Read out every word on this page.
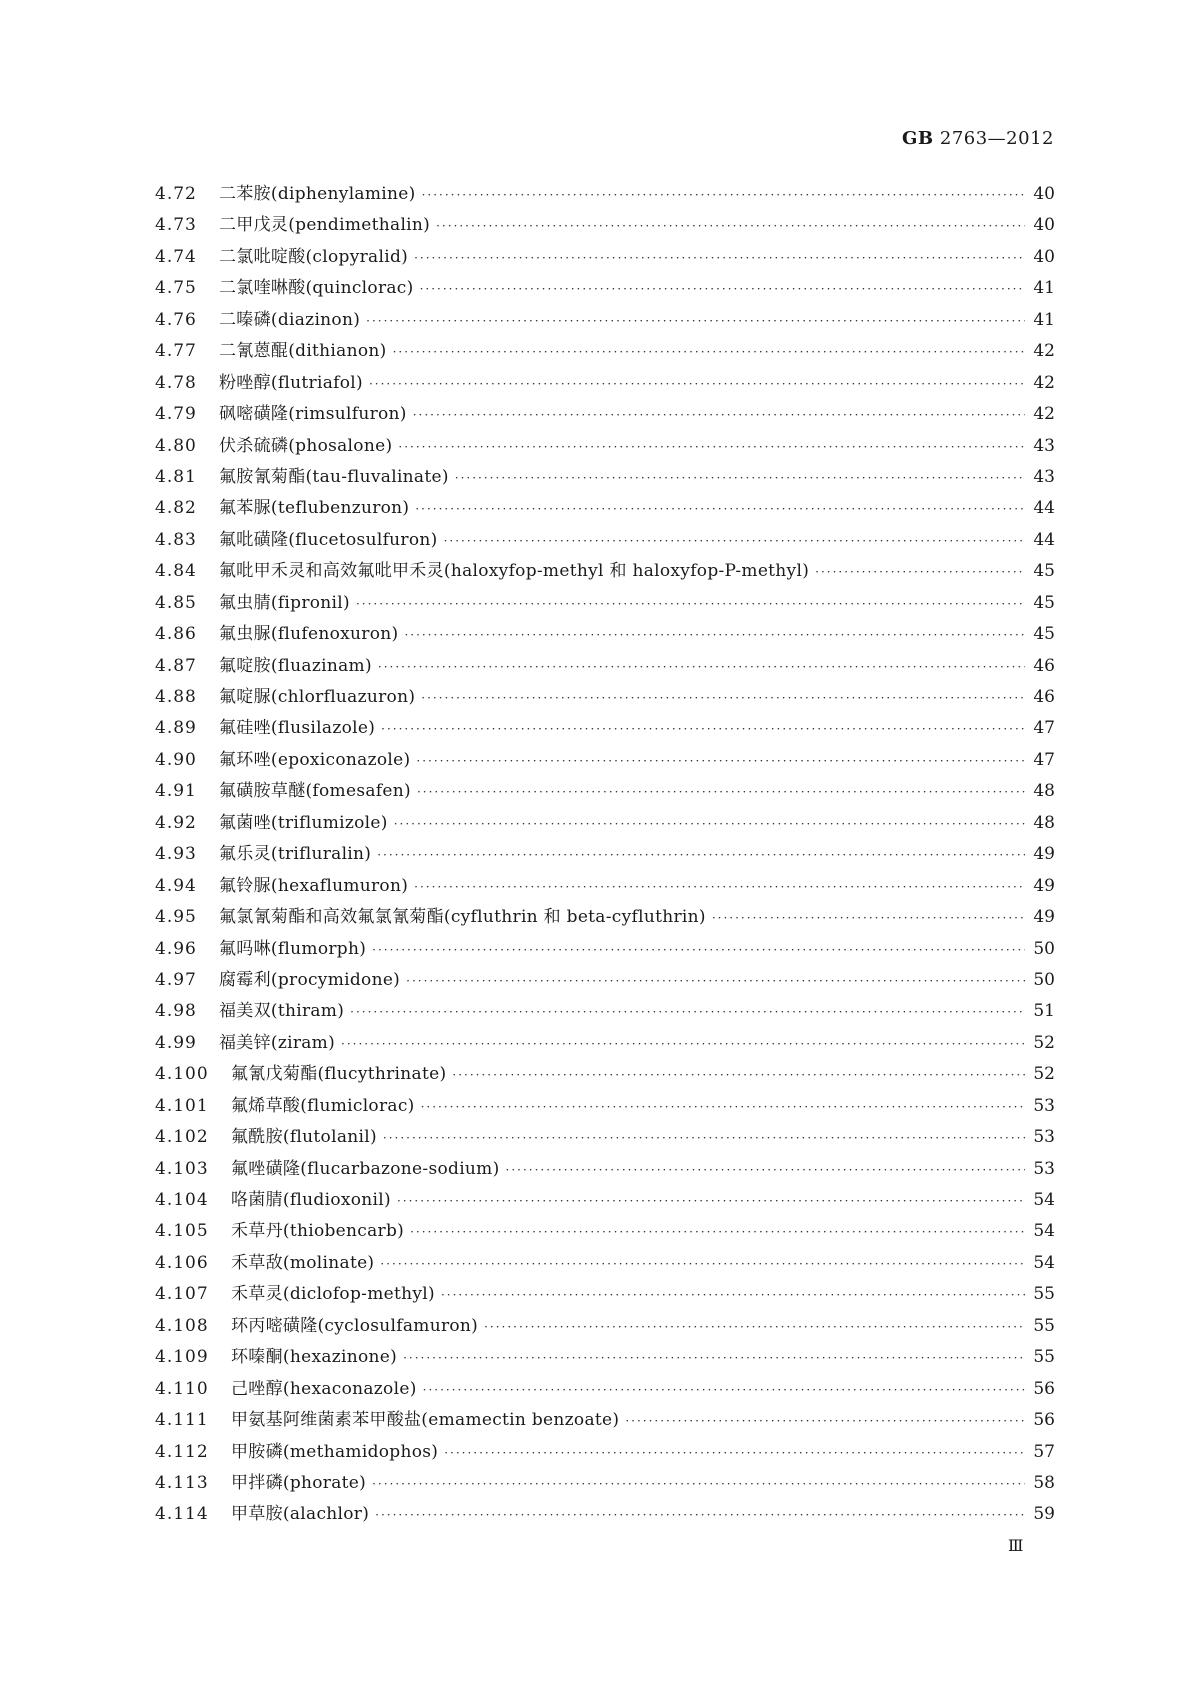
GB 2763—2012
4.72	二苯胺(diphenylamine) ·····	40
4.73	二甲戊灵(pendimethalin) ·····	40
4.74	二氯吡啶酸(clopyralid) ·····	40
4.75	二氯喹啉酸(quinclorac) ·····	41
4.76	二嗪磷(diazinon) ·····	41
4.77	二氰蒽醌(dithianon) ·····	42
4.78	粉唑醇(flutriafol) ·····	42
4.79	砜嘧磺隆(rimsulfuron) ·····	42
4.80	伏杀硫磷(phosalone) ·····	43
4.81	氟胺氰菊酯(tau-fluvalinate) ·····	43
4.82	氟苯脲(teflubenzuron) ·····	44
4.83	氟吡磺隆(flucetosulfuron) ·····	44
4.84	氟吡甲禾灵和高效氟吡甲禾灵(haloxyfop-methyl 和 haloxyfop-P-methyl) ·····	45
4.85	氟虫腈(fipronil) ·····	45
4.86	氟虫脲(flufenoxuron) ·····	45
4.87	氟啶胺(fluazinam) ·····	46
4.88	氟啶脲(chlorfluazuron) ·····	46
4.89	氟硅唑(flusilazole) ·····	47
4.90	氟环唑(epoxiconazole) ·····	47
4.91	氟磺胺草醚(fomesafen) ·····	48
4.92	氟菌唑(triflumizole) ·····	48
4.93	氟乐灵(trifluralin) ·····	49
4.94	氟铃脲(hexaflumuron) ·····	49
4.95	氟氯氰菊酯和高效氟氯氰菊酯(cyfluthrin 和 beta-cyfluthrin) ·····	49
4.96	氟吗啉(flumorph) ·····	50
4.97	腐霉利(procymidone) ·····	50
4.98	福美双(thiram) ·····	51
4.99	福美锌(ziram) ·····	52
4.100	氟氰戊菊酯(flucythrinate) ·····	52
4.101	氟烯草酸(flumiclorac) ·····	53
4.102	氟酰胺(flutolanil) ·····	53
4.103	氟唑磺隆(flucarbazone-sodium) ·····	53
4.104	咯菌腈(fludioxonil) ·····	54
4.105	禾草丹(thiobencarb) ·····	54
4.106	禾草敌(molinate) ·····	54
4.107	禾草灵(diclofop-methyl) ·····	55
4.108	环丙嘧磺隆(cyclosulfamuron) ·····	55
4.109	环嗪酮(hexazinone) ·····	55
4.110	己唑醇(hexaconazole) ·····	56
4.111	甲氨基阿维菌素苯甲酸盐(emamectin benzoate) ·····	56
4.112	甲胺磷(methamidophos) ·····	57
4.113	甲拌磷(phorate) ·····	58
4.114	甲草胺(alachlor) ·····	59
Ⅲ
